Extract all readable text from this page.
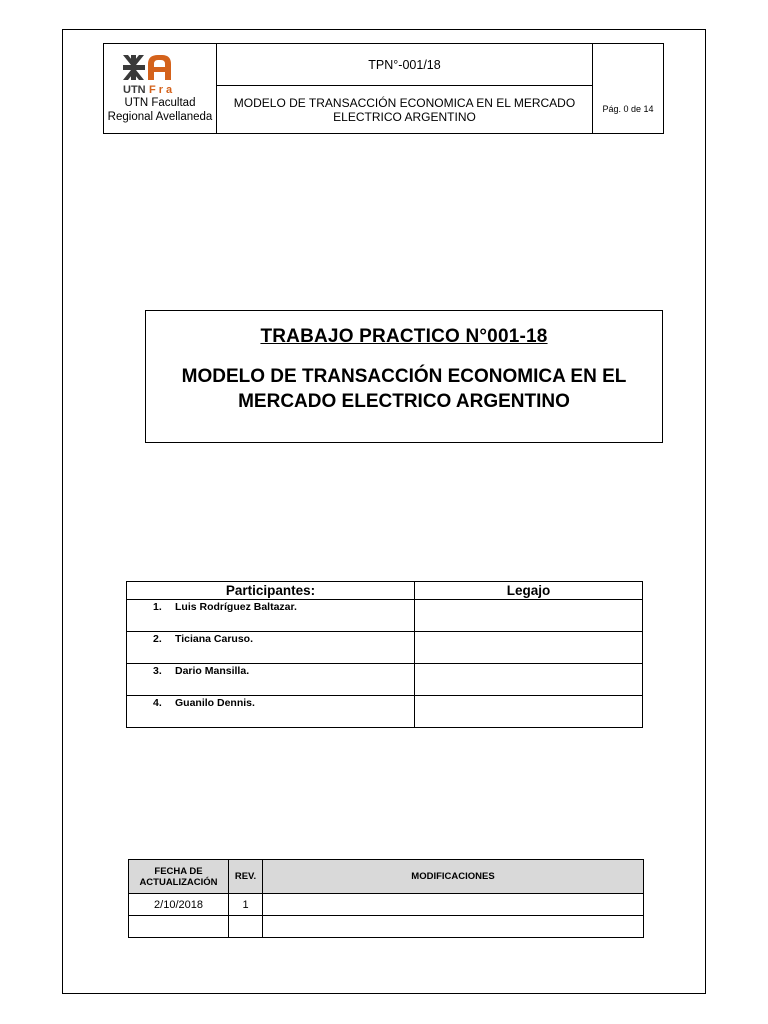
UTN Fra
UTN Facultad Regional Avellaneda
	TPN°-001/18	
Pág. 0 de 14

MODELO DE TRANSACCIÓN ECONOMICA EN EL MERCADO ELECTRICO ARGENTINO
TRABAJO PRACTICO N°001-18
MODELO DE TRANSACCIÓN ECONOMICA EN EL MERCADO ELECTRICO ARGENTINO
Participantes:	Legajo
1. Luis Rodríguez Baltazar.	
2. Ticiana Caruso.	
3. Dario Mansilla.	
4. Guanilo Dennis.	
FECHA DE ACTUALIZACIÓN	REV.	MODIFICACIONES
2/10/2018	1	
